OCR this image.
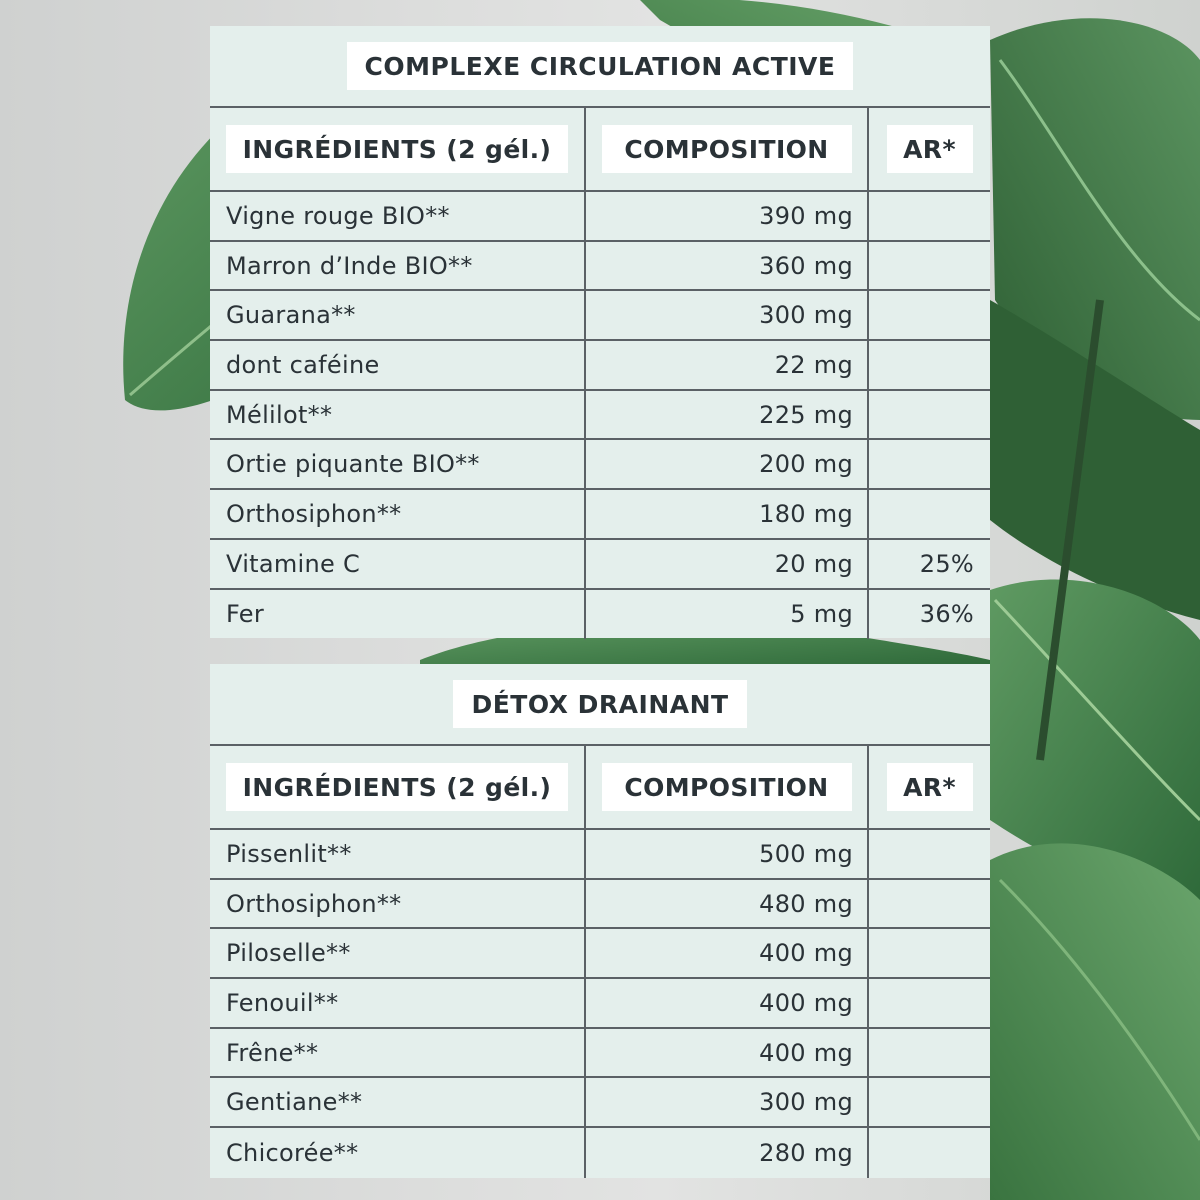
COMPLEXE CIRCULATION ACTIVE
INGRÉDIENTS (2 gél.)	COMPOSITION	AR*
Vigne rouge BIO**	390 mg
Marron d’Inde BIO**	360 mg
Guarana**	300 mg
dont caféine	22 mg
Mélilot**	225 mg
Ortie piquante BIO**	200 mg
Orthosiphon**	180 mg
Vitamine C	20 mg	25%
Fer	5 mg	36%
DÉTOX DRAINANT
INGRÉDIENTS (2 gél.)	COMPOSITION	AR*
Pissenlit**	500 mg
Orthosiphon**	480 mg
Piloselle**	400 mg
Fenouil**	400 mg
Frêne**	400 mg
Gentiane**	300 mg
Chicorée**	280 mg
